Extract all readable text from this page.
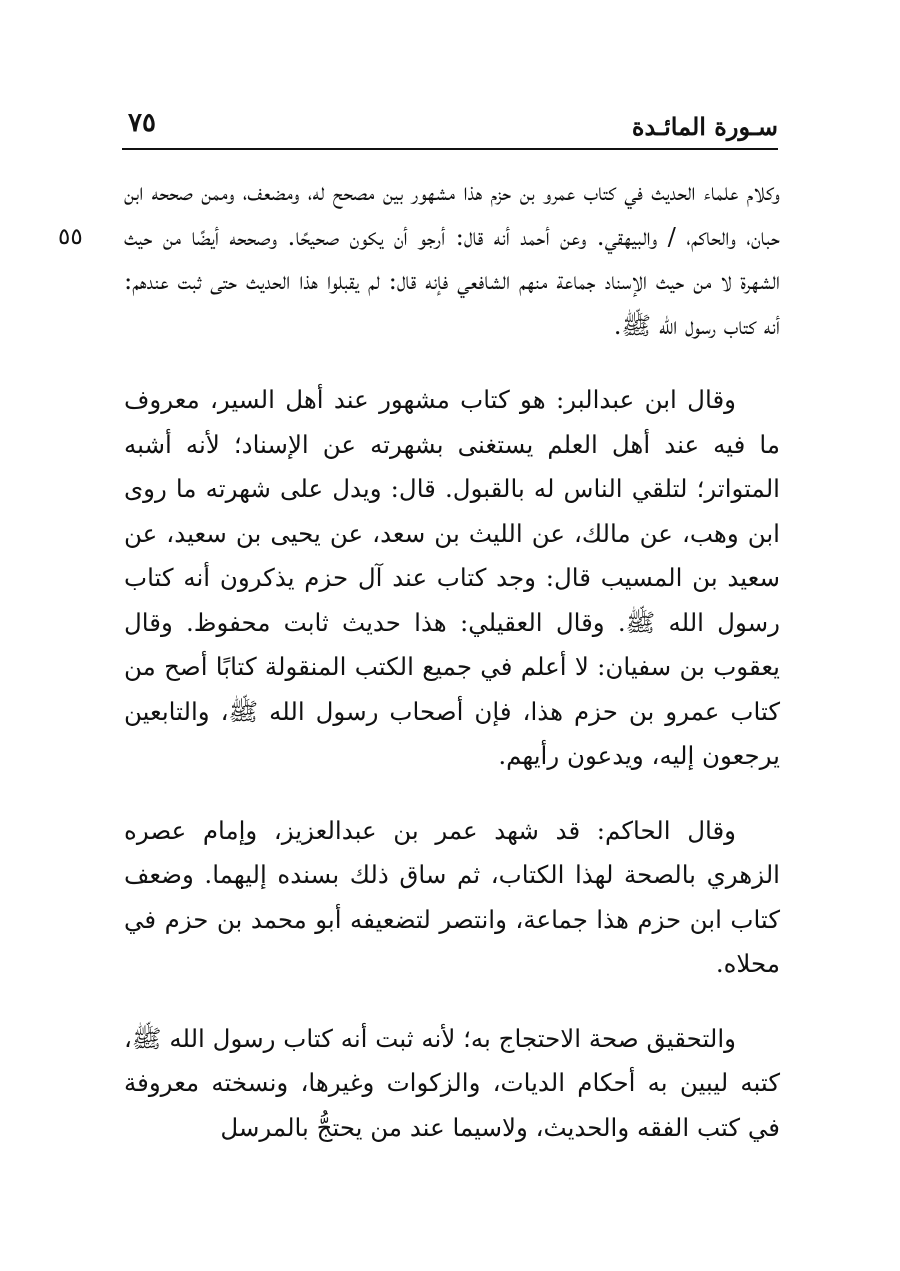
سـورة المائـدة
٧٥
٥٥

وكلام علماء الحديث في كتاب عمرو بن حزم هذا مشهور بين مصحح له، ومضعف، وممن صححه ابن حبان، والحاكم، / والبيهقي. وعن أحمد أنه قال: أرجو أن يكون صحيحًا. وصححه أيضًا من حيث الشهرة لا من حيث الإسناد جماعة منهم الشافعي فإنه قال: لم يقبلوا هذا الحديث حتى ثبت عندهم: أنه كتاب رسول الله ﷺ.

وقال ابن عبدالبر: هو كتاب مشهور عند أهل السير، معروف ما فيه عند أهل العلم يستغنى بشهرته عن الإسناد؛ لأنه أشبه المتواتر؛ لتلقي الناس له بالقبول. قال: ويدل على شهرته ما روى ابن وهب، عن مالك، عن الليث بن سعد، عن يحيى بن سعيد، عن سعيد بن المسيب قال: وجد كتاب عند آل حزم يذكرون أنه كتاب رسول الله ﷺ. وقال العقيلي: هذا حديث ثابت محفوظ. وقال يعقوب بن سفيان: لا أعلم في جميع الكتب المنقولة كتابًا أصح من كتاب عمرو بن حزم هذا، فإن أصحاب رسول الله ﷺ، والتابعين يرجعون إليه، ويدعون رأيهم.

وقال الحاكم: قد شهد عمر بن عبدالعزيز، وإمام عصره الزهري بالصحة لهذا الكتاب، ثم ساق ذلك بسنده إليهما. وضعف كتاب ابن حزم هذا جماعة، وانتصر لتضعيفه أبو محمد بن حزم في محلاه.

والتحقيق صحة الاحتجاج به؛ لأنه ثبت أنه كتاب رسول الله ﷺ، كتبه ليبين به أحكام الديات، والزكوات وغيرها، ونسخته معروفة في كتب الفقه والحديث، ولاسيما عند من يحتجُّ بالمرسل
